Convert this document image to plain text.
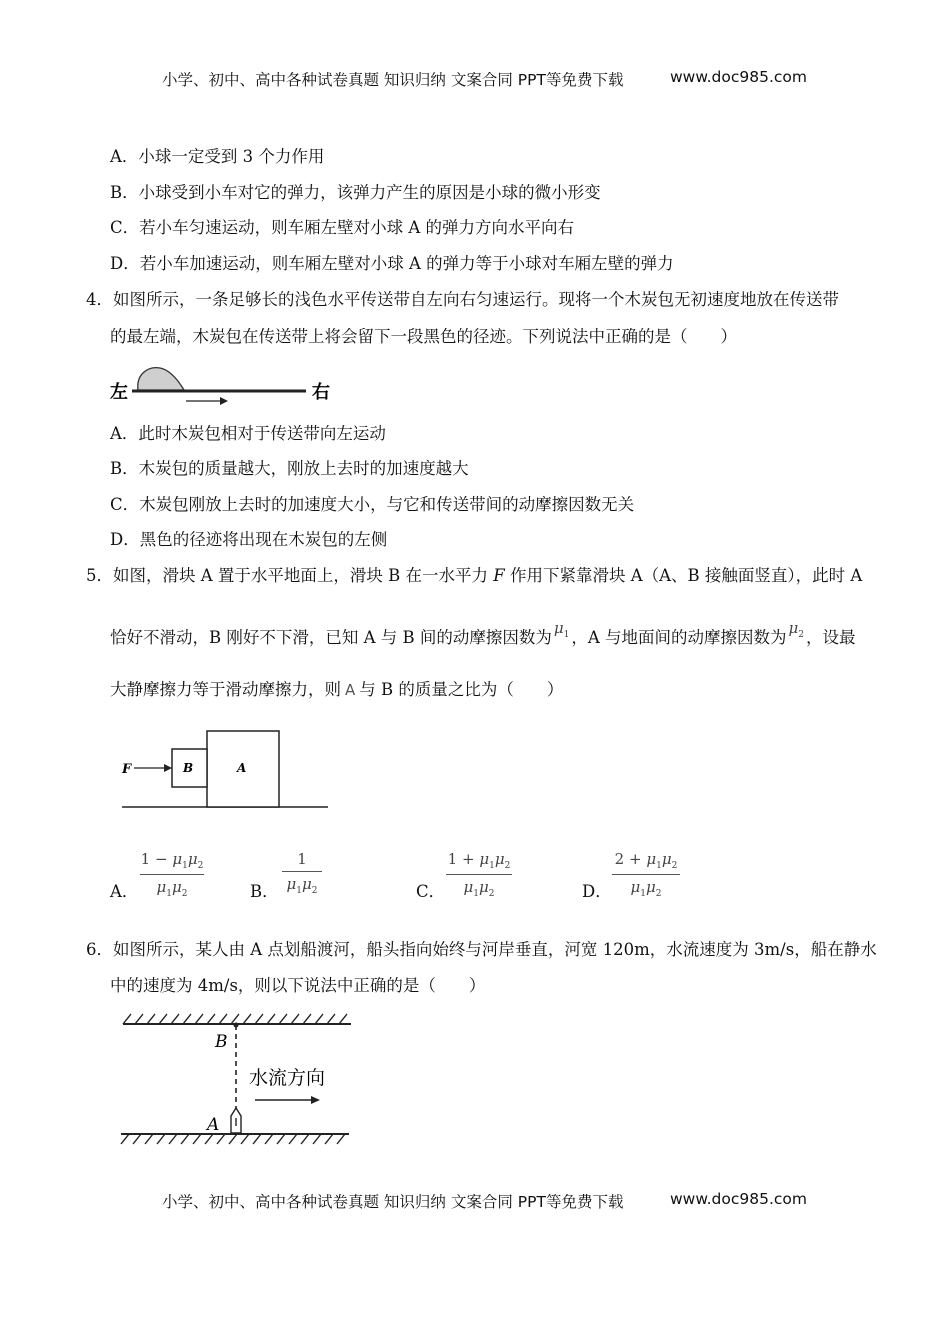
小学、初中、高中各种试卷真题 知识归纳 文案合同 PPT等免费下载	www.doc985.com
A．小球一定受到 3 个力作用
B．小球受到小车对它的弹力，该弹力产生的原因是小球的微小形变
C．若小车匀速运动，则车厢左壁对小球 A 的弹力方向水平向右
D．若小车加速运动，则车厢左壁对小球 A 的弹力等于小球对车厢左壁的弹力
4．如图所示，一条足够长的浅色水平传送带自左向右匀速运行。现将一个木炭包无初速度地放在传送带
的最左端，木炭包在传送带上将会留下一段黑色的径迹。下列说法中正确的是（　　）
左	右
A．此时木炭包相对于传送带向左运动
B．木炭包的质量越大，刚放上去时的加速度越大
C．木炭包刚放上去时的加速度大小，与它和传送带间的动摩擦因数无关
D．黑色的径迹将出现在木炭包的左侧
5．如图，滑块 A 置于水平地面上，滑块 B 在一水平力 F 作用下紧靠滑块 A（A、B 接触面竖直），此时 A
恰好不滑动，B 刚好不下滑，已知 A 与 B 间的动摩擦因数为 $\mu_1$ ，A 与地面间的动摩擦因数为 $\mu_2$ ，设最
大静摩擦力等于滑动摩擦力，则 A 与 B 的质量之比为（　　）
F	B	A
A．
$1 - \mu_1\mu_2$
$\mu_1\mu_2$	B．
1
$\mu_1\mu_2$	C．
$1 + \mu_1\mu_2$
$\mu_1\mu_2$	D．
$2 + \mu_1\mu_2$
$\mu_1\mu_2$
6．如图所示，某人由 A 点划船渡河，船头指向始终与河岸垂直，河宽 120m，水流速度为 3m/s，船在静水
中的速度为 4m/s，则以下说法中正确的是（　　）
B
A
水流方向
小学、初中、高中各种试卷真题 知识归纳 文案合同 PPT等免费下载	www.doc985.com
